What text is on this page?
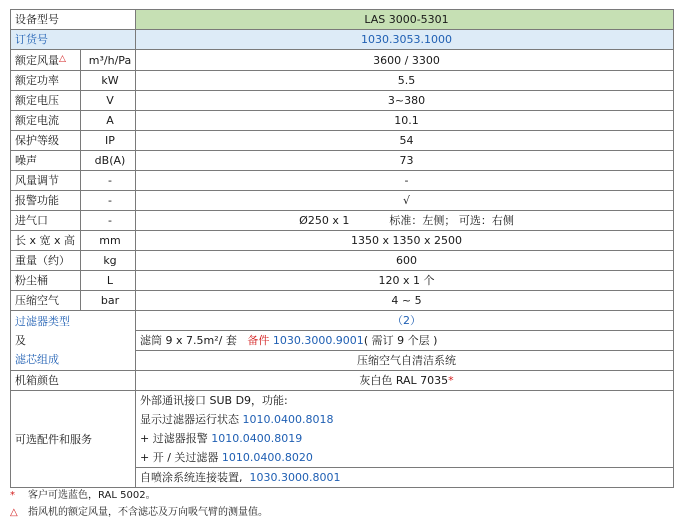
设备型号		LAS 3000-5301
订货号		1030.3053.1000
额定风量△	m³/h/Pa	3600 / 3300
额定功率	kW	5.5
额定电压	V	3~380
额定电流	A	10.1
保护等级	IP	54
噪声	dB(A)	73
风量调节	-	-
报警功能	-	√
进气口	-	Ø250 x 1 标准：左侧； 可选：右侧
长 x 宽 x 高	mm	1350 x 1350 x 2500
重量（约）	kg	600
粉尘桶	L	120 x 1 个
压缩空气	bar	4 ~ 5

过滤器类型
及
滤芯组成		（2）
		滤筒 9 x 7.5m²/ 套 备件 1030.3000.9001( 需订 9 个层 )
		压缩空气自清洁系统
机箱颜色		灰白色 RAL 7035*
可选配件和服务		外部通讯接口 SUB D9，功能:
显示过滤器运行状态 1010.0400.8018
+ 过滤器报警 1010.0400.8019
+ 开 / 关过滤器 1010.0400.8020

		自喷涂系统连接装置, 1030.3000.8001
* 客户可选蓝色，RAL 5002。
△ 指风机的额定风量，不含滤芯及万向吸气臂的测量值。
